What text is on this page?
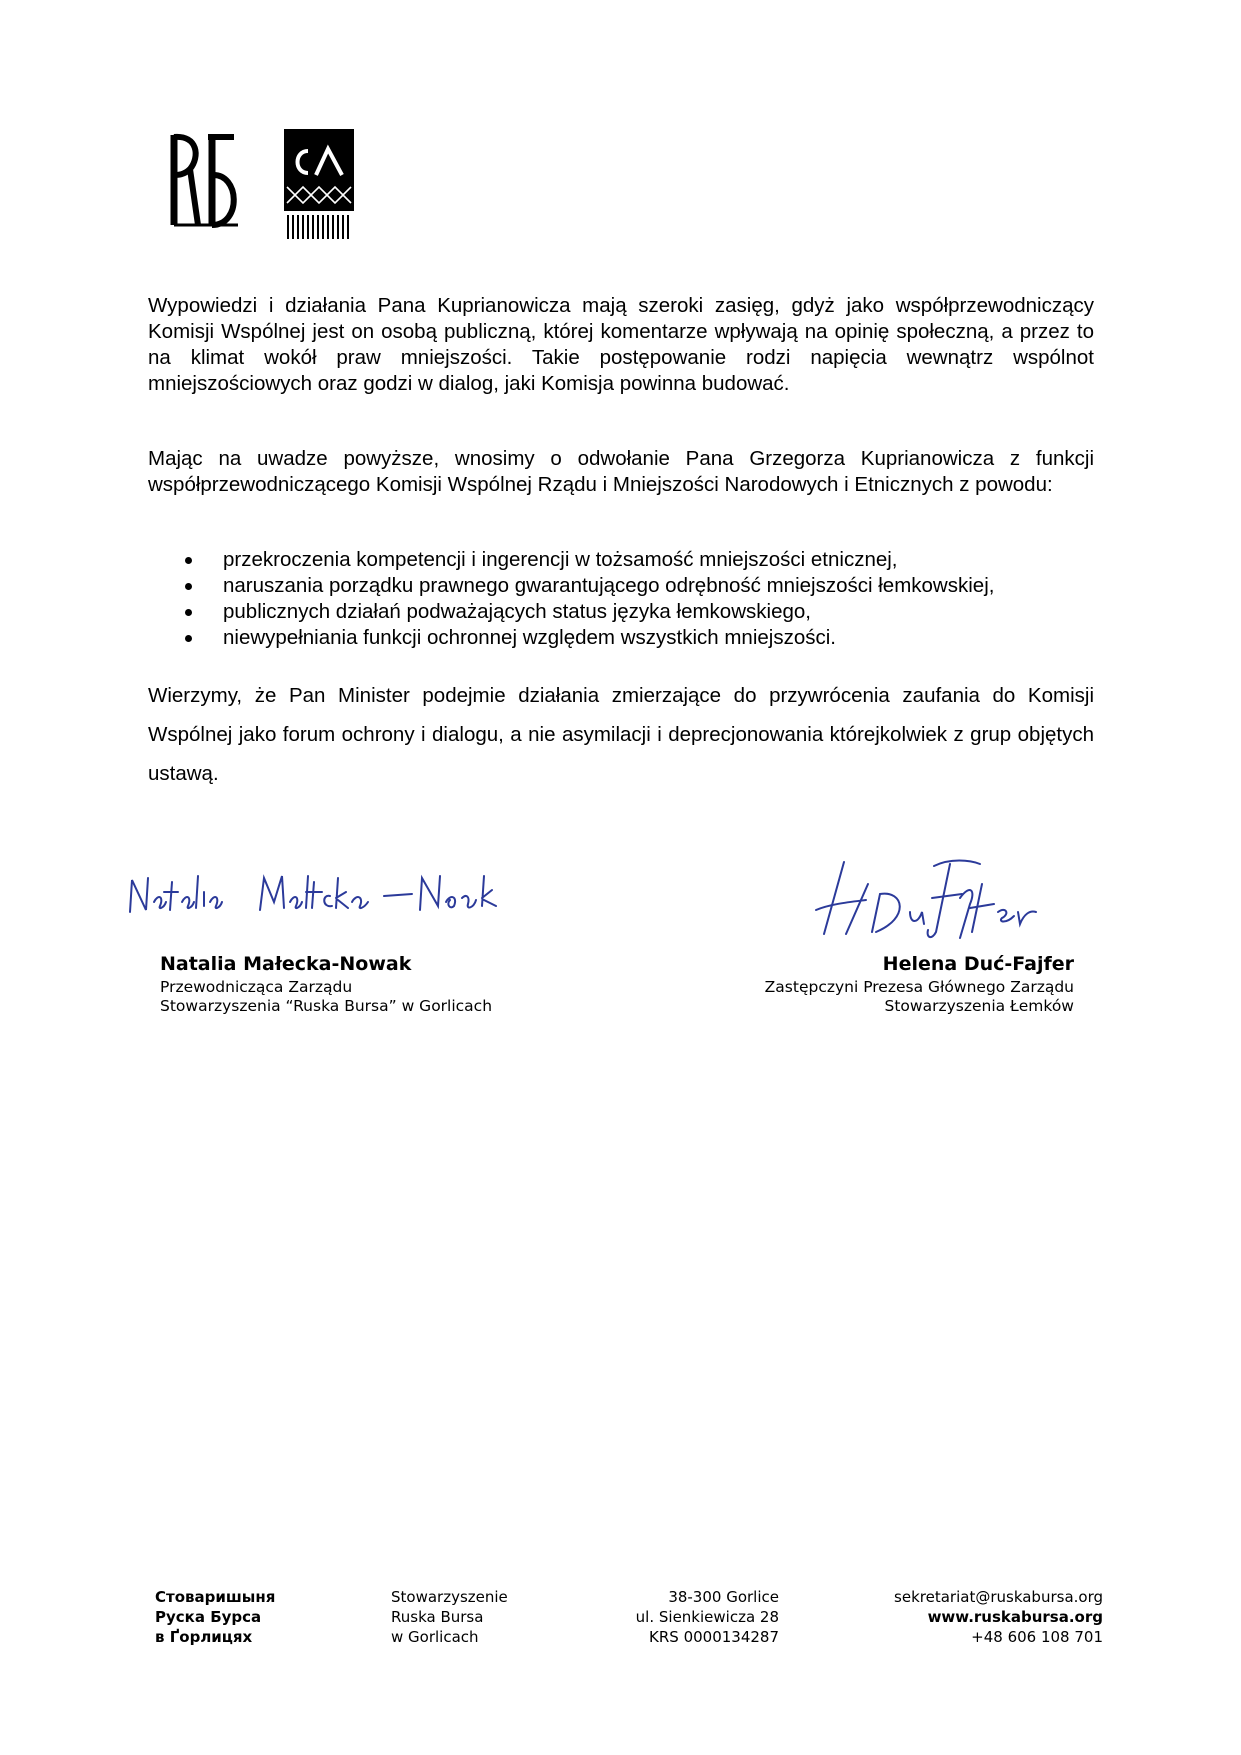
Wypowiedzi i działania Pana Kuprianowicza mają szeroki zasięg, gdyż jako współprzewodniczący Komisji Wspólnej jest on osobą publiczną, której komentarze wpływają na opinię społeczną, a przez to na klimat wokół praw mniejszości. Takie postępowanie rodzi napięcia wewnątrz wspólnot mniejszościowych oraz godzi w dialog, jaki Komisja powinna budować.

Mając na uwadze powyższe, wnosimy o odwołanie Pana Grzegorza Kuprianowicza z funkcji współprzewodniczącego Komisji Wspólnej Rządu i Mniejszości Narodowych i Etnicznych z powodu:

przekroczenia kompetencji i ingerencji w tożsamość mniejszości etnicznej,
naruszania porządku prawnego gwarantującego odrębność mniejszości łemkowskiej,
publicznych działań podważających status języka łemkowskiego,
niewypełniania funkcji ochronnej względem wszystkich mniejszości.

Wierzymy, że Pan Minister podejmie działania zmierzające do przywrócenia zaufania do Komisji Wspólnej jako forum ochrony i dialogu, a nie asymilacji i deprecjonowania którejkolwiek z grup objętych ustawą.

Natalia Małecka-Nowak
Przewodnicząca Zarządu
Stowarzyszenia “Ruska Bursa” w Gorlicach
Helena Duć-Fajfer
Zastępczyni Prezesa Głównego Zarządu
Stowarzyszenia Łemków
Стоваришыня
Руска Бурса
в Ґорлицях
Stowarzyszenie
Ruska Bursa
w Gorlicach
38-300 Gorlice
ul. Sienkiewicza 28
KRS 0000134287
sekretariat@ruskabursa.org
www.ruskabursa.org
+48 606 108 701
